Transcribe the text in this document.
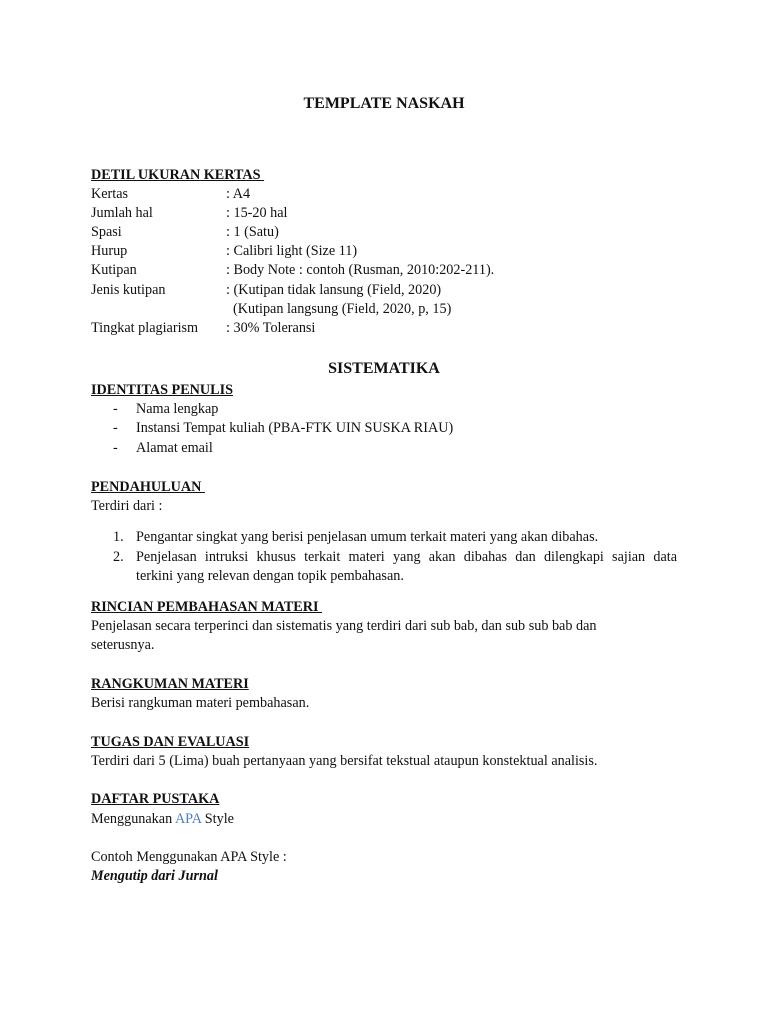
TEMPLATE NASKAH
DETIL UKURAN KERTAS
Kertas	: A4
Jumlah hal	: 15-20 hal
Spasi	: 1 (Satu)
Hurup	: Calibri light (Size 11)
Kutipan	: Body Note : contoh (Rusman, 2010:202-211).
Jenis kutipan	: (Kutipan tidak lansung (Field, 2020)
(Kutipan langsung (Field, 2020, p, 15)
Tingkat plagiarism : 30% Toleransi
SISTEMATIKA
IDENTITAS PENULIS
- Nama lengkap
- Instansi Tempat kuliah (PBA-FTK UIN SUSKA RIAU)
- Alamat email
PENDAHULUAN
Terdiri dari :
1. Pengantar singkat yang berisi penjelasan umum terkait materi yang akan dibahas.
2. Penjelasan intruksi khusus terkait materi yang akan dibahas dan dilengkapi sajian data
terkini yang relevan dengan topik pembahasan.
RINCIAN PEMBAHASAN MATERI
Penjelasan secara terperinci dan sistematis yang terdiri dari sub bab, dan sub sub bab dan
seterusnya.
RANGKUMAN MATERI
Berisi rangkuman materi pembahasan.
TUGAS DAN EVALUASI
Terdiri dari 5 (Lima) buah pertanyaan yang bersifat tekstual ataupun konstektual analisis.
DAFTAR PUSTAKA
Menggunakan APA Style
Contoh Menggunakan APA Style :
Mengutip dari Jurnal
